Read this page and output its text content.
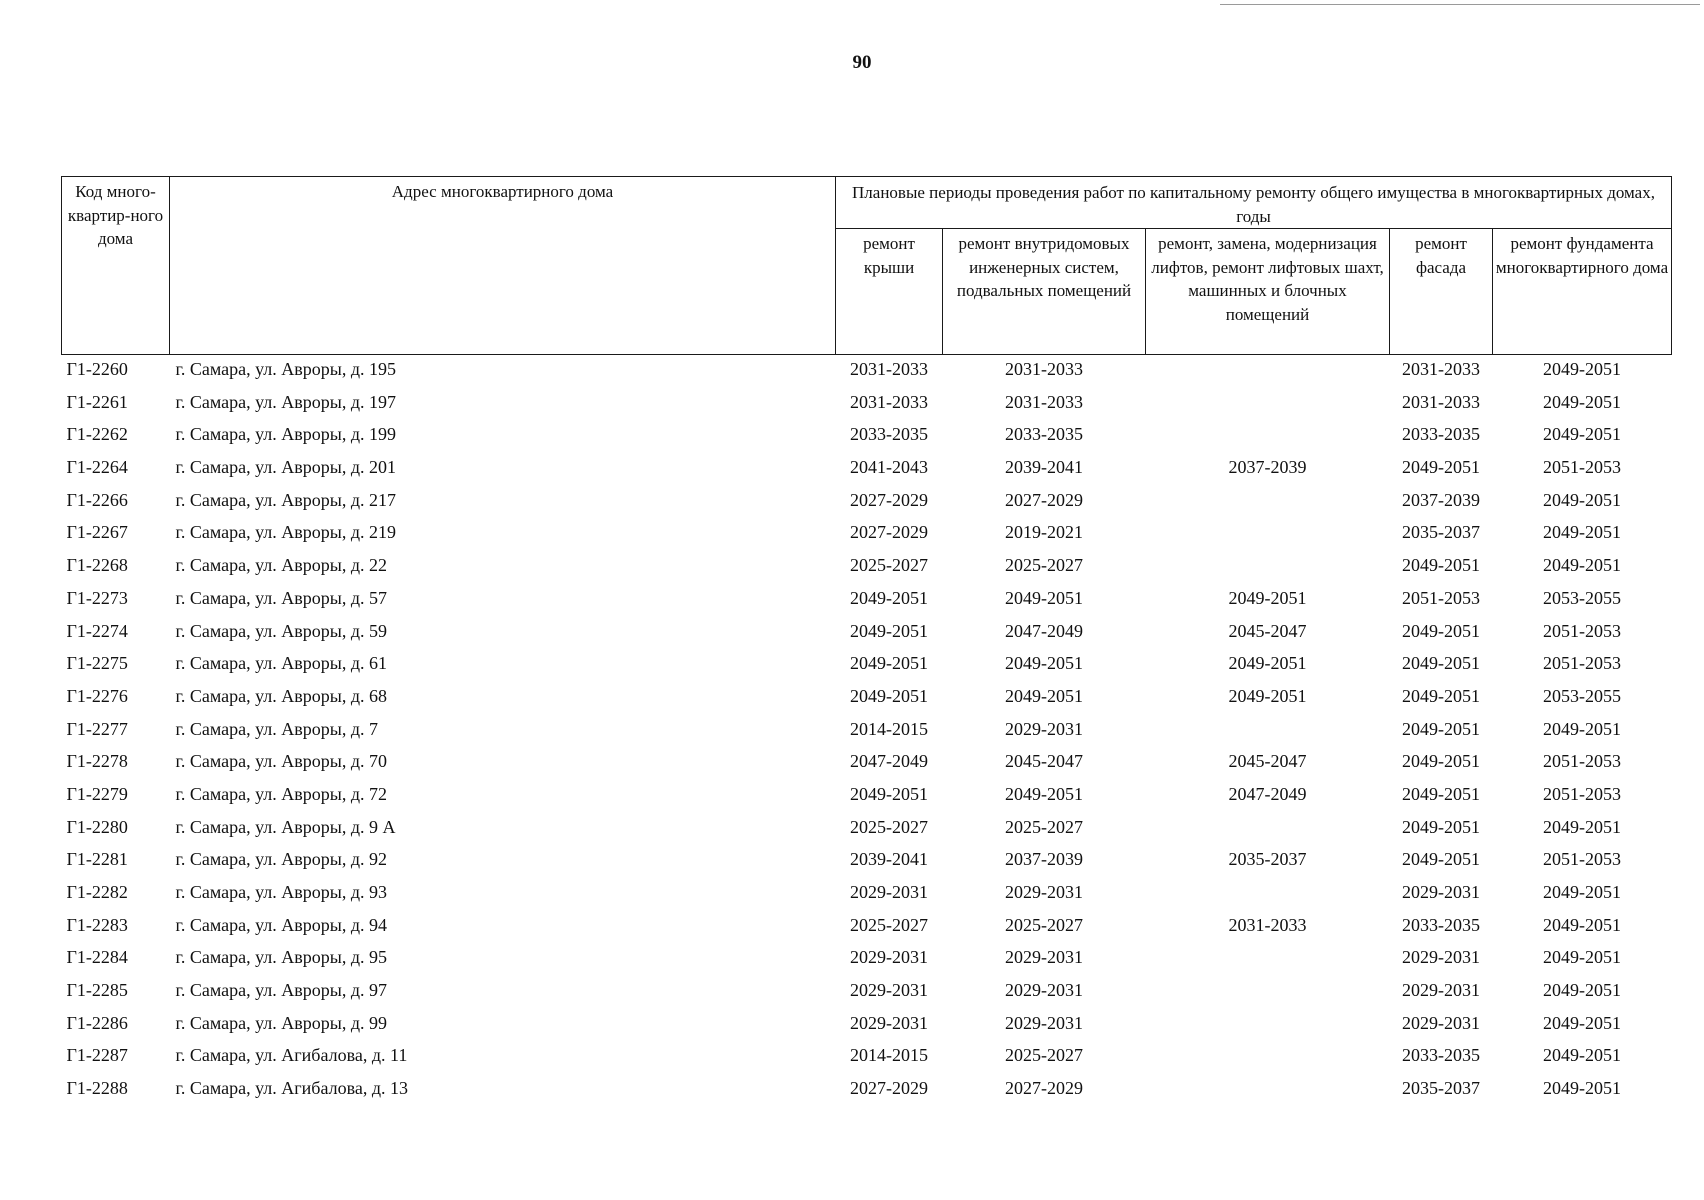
90
Код много-квартир-ного дома	Адрес многоквартирного дома	Плановые периоды проведения работ по капитальному ремонту общего имущества в многоквартирных домах, годы				
		ремонт крыши	ремонт внутридомовых инженерных систем, подвальных помещений	ремонт, замена, модернизация лифтов, ремонт лифтовых шахт, машинных и блочных помещений	ремонт фасада	ремонт фундамента многоквартирного дома
Г1-2260	г. Самара, ул. Авроры, д. 195	2031-2033	2031-2033		2031-2033	2049-2051
Г1-2261	г. Самара, ул. Авроры, д. 197	2031-2033	2031-2033		2031-2033	2049-2051
Г1-2262	г. Самара, ул. Авроры, д. 199	2033-2035	2033-2035		2033-2035	2049-2051
Г1-2264	г. Самара, ул. Авроры, д. 201	2041-2043	2039-2041	2037-2039	2049-2051	2051-2053
Г1-2266	г. Самара, ул. Авроры, д. 217	2027-2029	2027-2029		2037-2039	2049-2051
Г1-2267	г. Самара, ул. Авроры, д. 219	2027-2029	2019-2021		2035-2037	2049-2051
Г1-2268	г. Самара, ул. Авроры, д. 22	2025-2027	2025-2027		2049-2051	2049-2051
Г1-2273	г. Самара, ул. Авроры, д. 57	2049-2051	2049-2051	2049-2051	2051-2053	2053-2055
Г1-2274	г. Самара, ул. Авроры, д. 59	2049-2051	2047-2049	2045-2047	2049-2051	2051-2053
Г1-2275	г. Самара, ул. Авроры, д. 61	2049-2051	2049-2051	2049-2051	2049-2051	2051-2053
Г1-2276	г. Самара, ул. Авроры, д. 68	2049-2051	2049-2051	2049-2051	2049-2051	2053-2055
Г1-2277	г. Самара, ул. Авроры, д. 7	2014-2015	2029-2031		2049-2051	2049-2051
Г1-2278	г. Самара, ул. Авроры, д. 70	2047-2049	2045-2047	2045-2047	2049-2051	2051-2053
Г1-2279	г. Самара, ул. Авроры, д. 72	2049-2051	2049-2051	2047-2049	2049-2051	2051-2053
Г1-2280	г. Самара, ул. Авроры, д. 9 А	2025-2027	2025-2027		2049-2051	2049-2051
Г1-2281	г. Самара, ул. Авроры, д. 92	2039-2041	2037-2039	2035-2037	2049-2051	2051-2053
Г1-2282	г. Самара, ул. Авроры, д. 93	2029-2031	2029-2031		2029-2031	2049-2051
Г1-2283	г. Самара, ул. Авроры, д. 94	2025-2027	2025-2027	2031-2033	2033-2035	2049-2051
Г1-2284	г. Самара, ул. Авроры, д. 95	2029-2031	2029-2031		2029-2031	2049-2051
Г1-2285	г. Самара, ул. Авроры, д. 97	2029-2031	2029-2031		2029-2031	2049-2051
Г1-2286	г. Самара, ул. Авроры, д. 99	2029-2031	2029-2031		2029-2031	2049-2051
Г1-2287	г. Самара, ул. Агибалова, д. 11	2014-2015	2025-2027		2033-2035	2049-2051
Г1-2288	г. Самара, ул. Агибалова, д. 13	2027-2029	2027-2029		2035-2037	2049-2051
